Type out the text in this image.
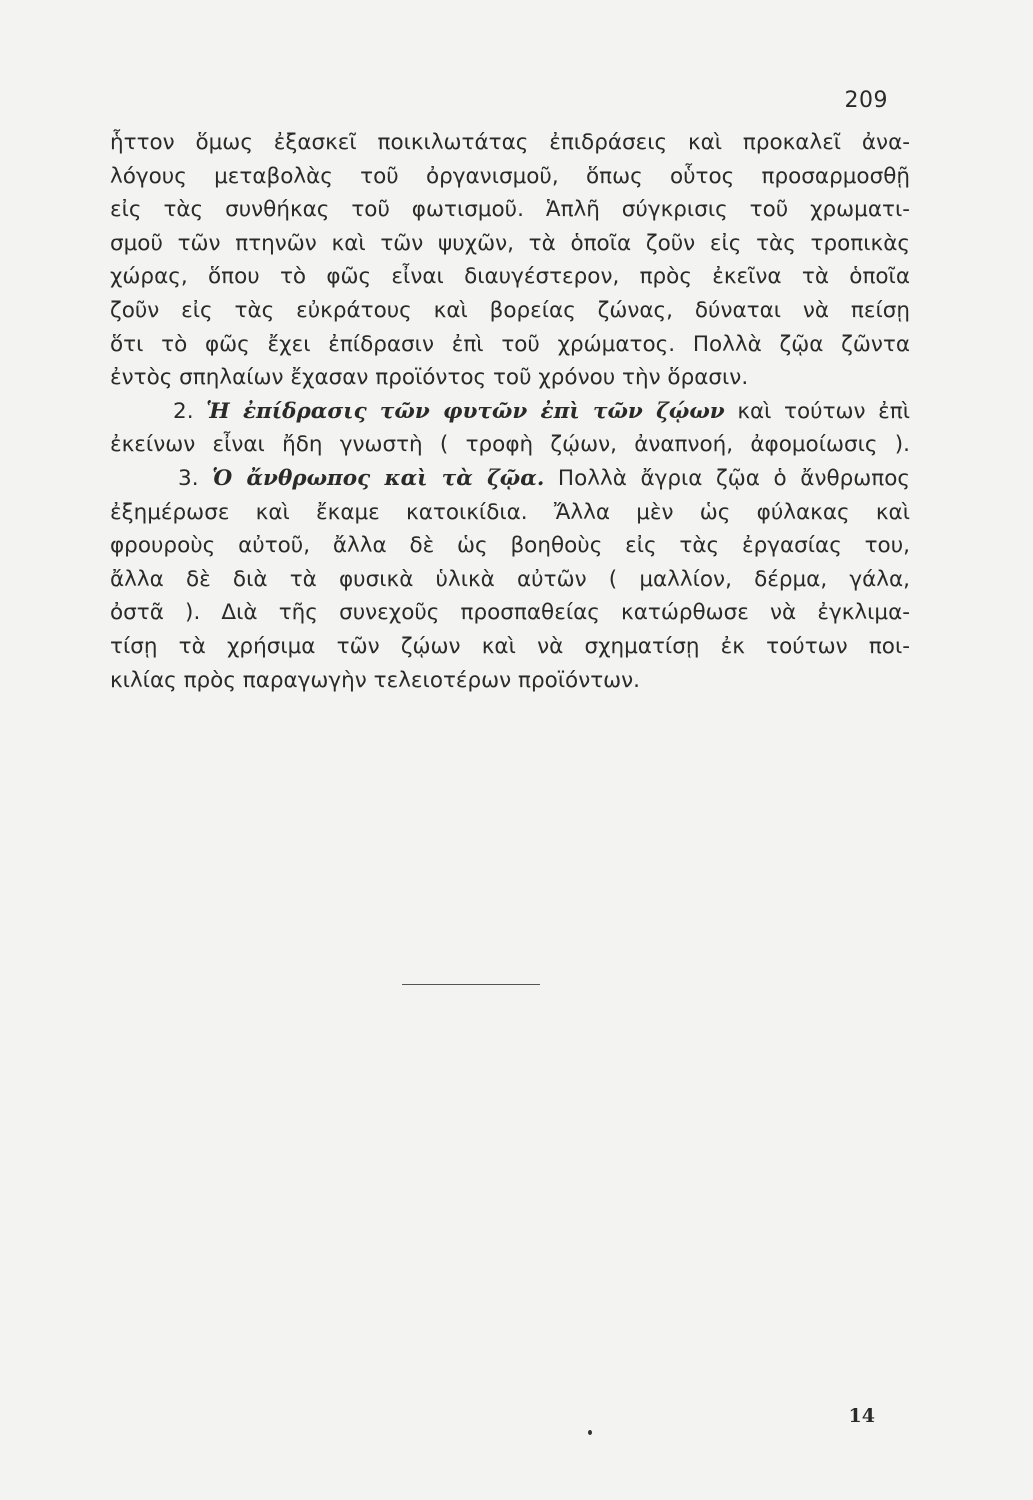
209
ἧττον ὅμως ἐξασκεῖ ποικιλωτάτας ἐπιδράσεις καὶ προκαλεῖ ἀνα-
λόγους μεταβολὰς τοῦ ὀργανισμοῦ, ὅπως οὗτος προσαρμοσθῇ
εἰς τὰς συνθήκας τοῦ φωτισμοῦ. Ἁπλῆ σύγκρισις τοῦ χρωματι-
σμοῦ τῶν πτηνῶν καὶ τῶν ψυχῶν, τὰ ὁποῖα ζοῦν εἰς τὰς τροπικὰς
χώρας, ὅπου τὸ φῶς εἶναι διαυγέστερον, πρὸς ἐκεῖνα τὰ ὁποῖα
ζοῦν εἰς τὰς εὐκράτους καὶ βορείας ζώνας, δύναται νὰ πείσῃ
ὅτι τὸ φῶς ἔχει ἐπίδρασιν ἐπὶ τοῦ χρώματος. Πολλὰ ζῷα ζῶντα
ἐντὸς σπηλαίων ἔχασαν προϊόντος τοῦ χρόνου τὴν ὅρασιν.
2. Ἡ ἐπίδρασις τῶν φυτῶν ἐπὶ τῶν ζῴων καὶ τούτων ἐπὶ
ἐκείνων εἶναι ἤδη γνωστὴ ( τροφὴ ζῴων, ἀναπνοή, ἀφομοίωσις ).
3. Ὁ ἄνθρωπος καὶ τὰ ζῷα. Πολλὰ ἄγρια ζῷα ὁ ἄνθρωπος
ἐξημέρωσε καὶ ἔκαμε κατοικίδια. Ἄλλα μὲν ὡς φύλακας καὶ
φρουροὺς αὐτοῦ, ἄλλα δὲ ὡς βοηθοὺς εἰς τὰς ἐργασίας του,
ἄλλα δὲ διὰ τὰ φυσικὰ ὑλικὰ αὐτῶν ( μαλλίον, δέρμα, γάλα,
ὀστᾶ ). Διὰ τῆς συνεχοῦς προσπαθείας κατώρθωσε νὰ ἐγκλιμα-
τίσῃ τὰ χρήσιμα τῶν ζῴων καὶ νὰ σχηματίσῃ ἐκ τούτων ποι-
κιλίας πρὸς παραγωγὴν τελειοτέρων προϊόντων.
14
